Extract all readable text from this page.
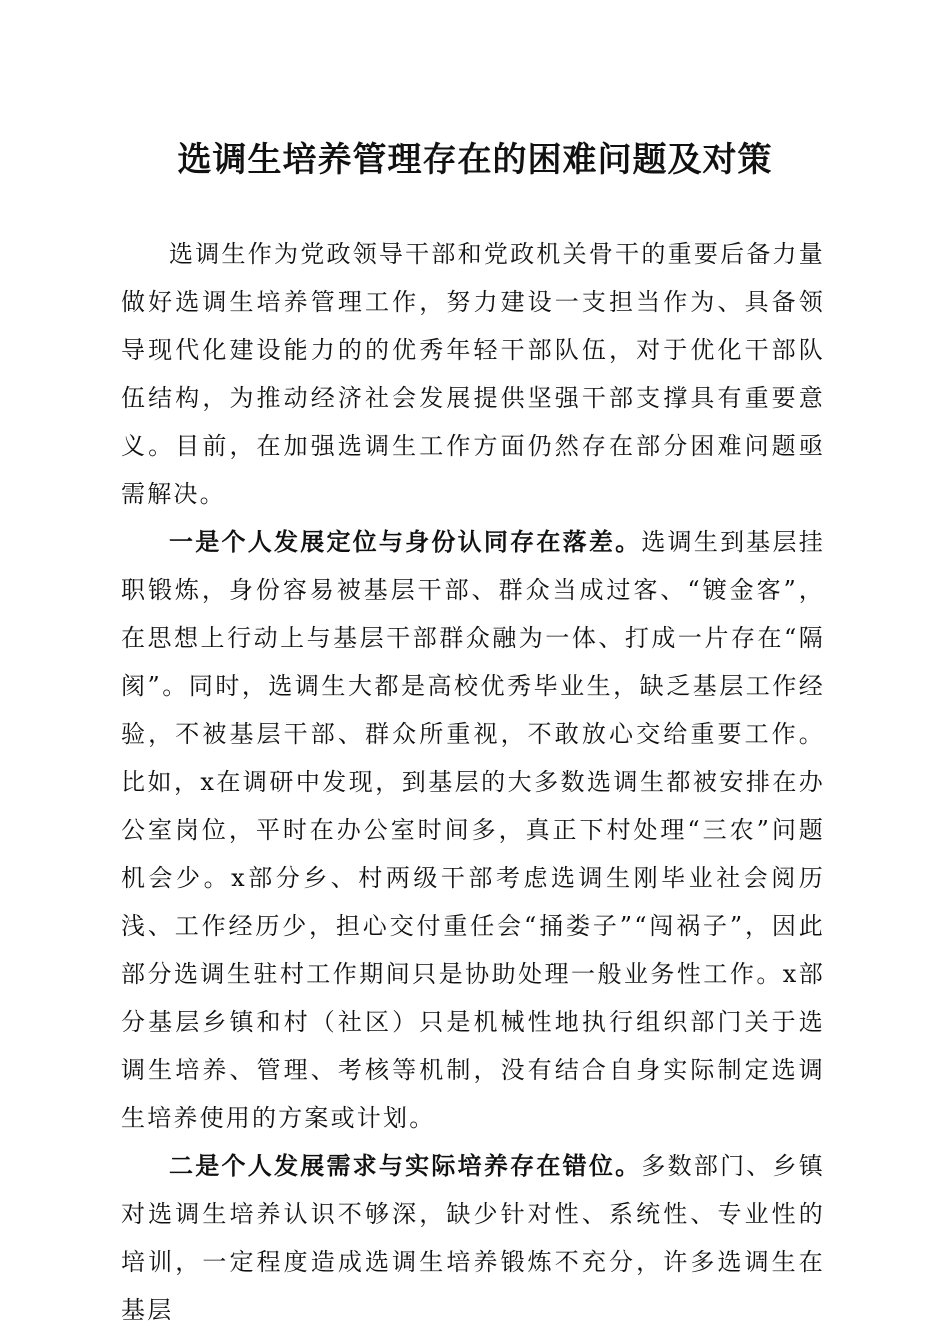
选调生培养管理存在的困难问题及对策

选调生作为党政领导干部和党政机关骨干的重要后备力量做好选调生培养管理工作，努力建设一支担当作为、具备领导现代化建设能力的的优秀年轻干部队伍，对于优化干部队伍结构，为推动经济社会发展提供坚强干部支撑具有重要意义。目前，在加强选调生工作方面仍然存在部分困难问题亟需解决。

一是个人发展定位与身份认同存在落差。选调生到基层挂职锻炼，身份容易被基层干部、群众当成过客、“镀金客”，在思想上行动上与基层干部群众融为一体、打成一片存在“隔阂”。同时，选调生大都是高校优秀毕业生，缺乏基层工作经验，不被基层干部、群众所重视，不敢放心交给重要工作。比如，x在调研中发现，到基层的大多数选调生都被安排在办公室岗位，平时在办公室时间多，真正下村处理“三农”问题机会少。x部分乡、村两级干部考虑选调生刚毕业社会阅历浅、工作经历少，担心交付重任会“捅娄子”“闯祸子”，因此部分选调生驻村工作期间只是协助处理一般业务性工作。x部分基层乡镇和村（社区）只是机械性地执行组织部门关于选调生培养、管理、考核等机制，没有结合自身实际制定选调生培养使用的方案或计划。

二是个人发展需求与实际培养存在错位。多数部门、乡镇对选调生培养认识不够深，缺少针对性、系统性、专业性的培训，一定程度造成选调生培养锻炼不充分，许多选调生在基层
